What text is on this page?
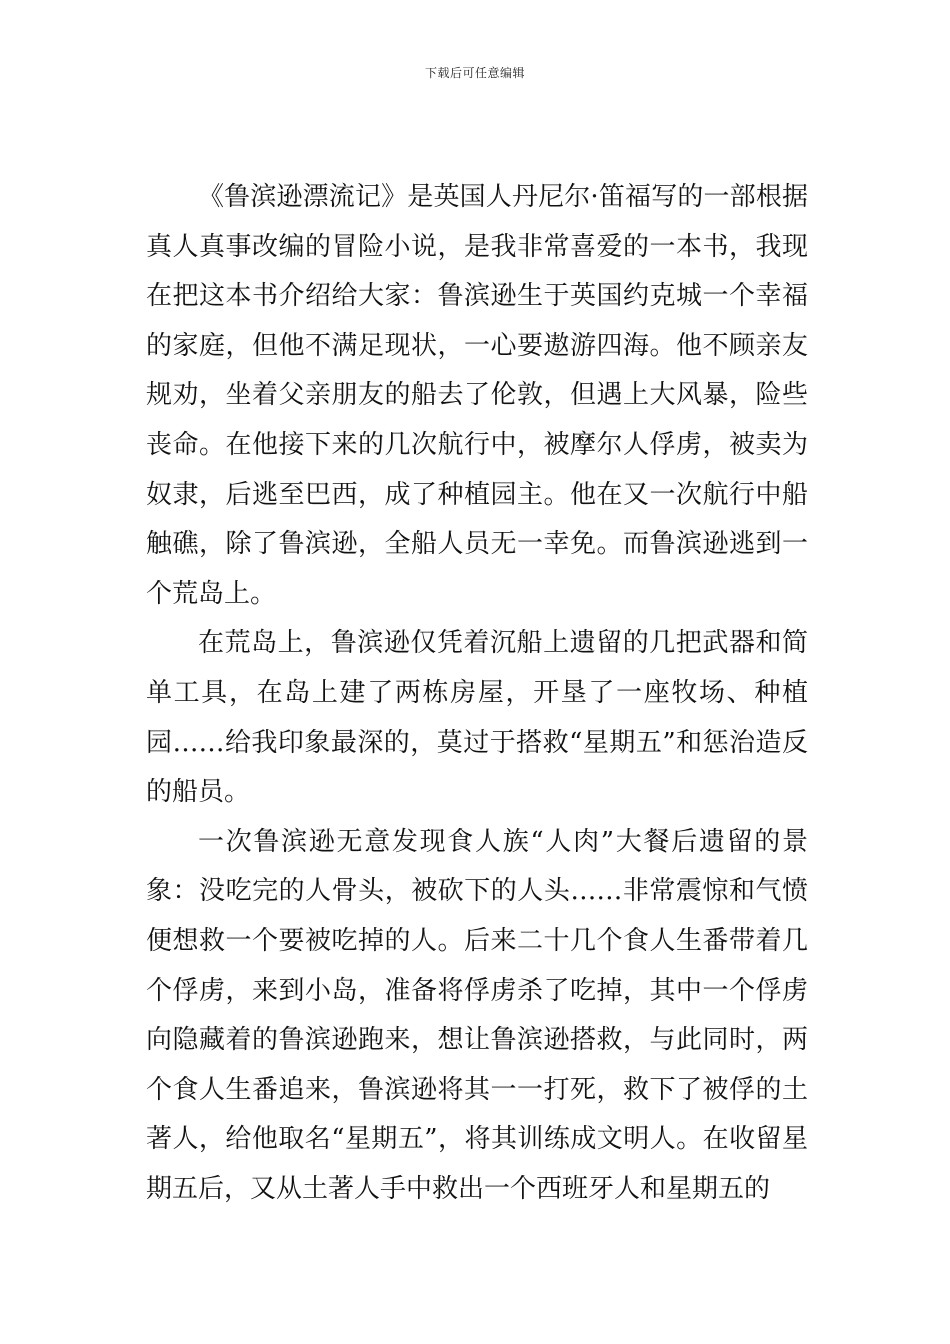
下载后可任意编辑

《鲁滨逊漂流记》是英国人丹尼尔·笛福写的一部根据真人真事改编的冒险小说，是我非常喜爱的一本书，我现在把这本书介绍给大家：鲁滨逊生于英国约克城一个幸福的家庭，但他不满足现状，一心要遨游四海。他不顾亲友规劝，坐着父亲朋友的船去了伦敦，但遇上大风暴，险些丧命。在他接下来的几次航行中，被摩尔人俘虏，被卖为奴隶，后逃至巴西，成了种植园主。他在又一次航行中船触礁，除了鲁滨逊，全船人员无一幸免。而鲁滨逊逃到一个荒岛上。

在荒岛上，鲁滨逊仅凭着沉船上遗留的几把武器和简单工具，在岛上建了两栋房屋，开垦了一座牧场、种植园……给我印象最深的，莫过于搭救“星期五”和惩治造反的船员。

一次鲁滨逊无意发现食人族“人肉”大餐后遗留的景象：没吃完的人骨头，被砍下的人头……非常震惊和气愤便想救一个要被吃掉的人。后来二十几个食人生番带着几个俘虏，来到小岛，准备将俘虏杀了吃掉，其中一个俘虏向隐藏着的鲁滨逊跑来，想让鲁滨逊搭救，与此同时，两个食人生番追来，鲁滨逊将其一一打死，救下了被俘的土著人，给他取名“星期五”，将其训练成文明人。在收留星期五后，又从土著人手中救出一个西班牙人和星期五的
